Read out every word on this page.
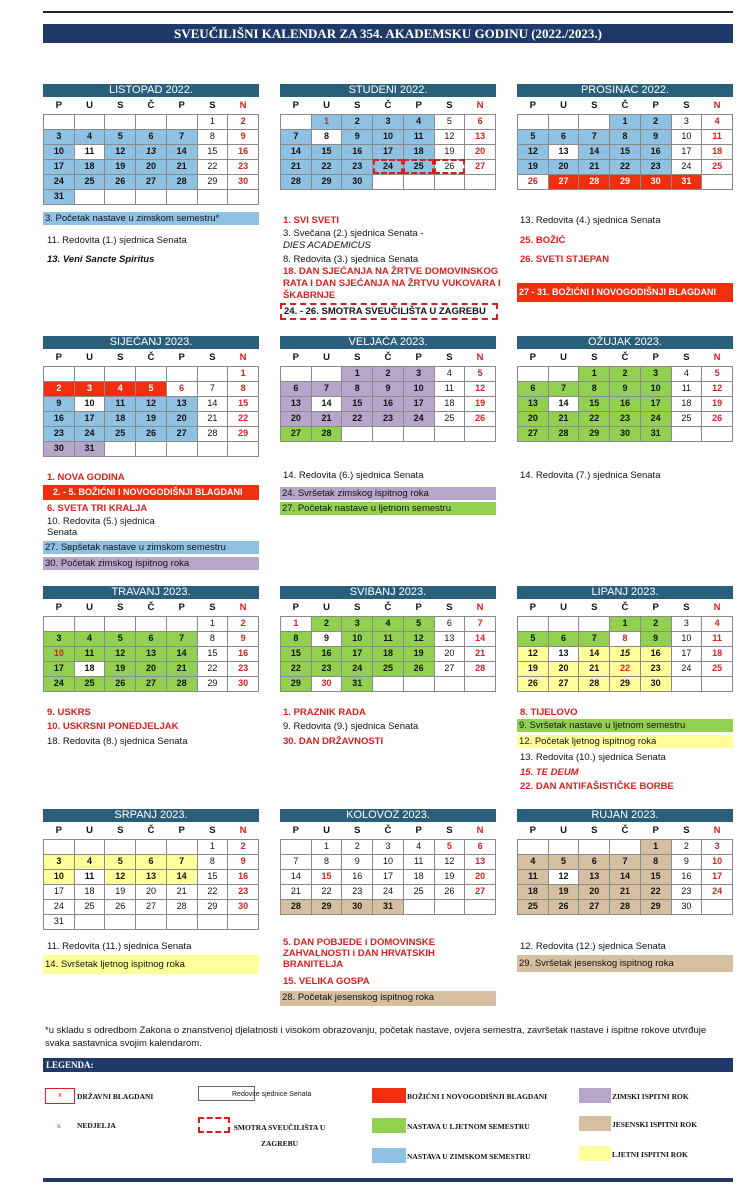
SVEUČILIŠNI KALENDAR ZA 354. AKADEMSKU GODINU (2022./2023.)
LISTOPAD 2022.
P	U	S	Č	P	S	N
					1	2
3	4	5	6	7	8	9
10	11	12	13	14	15	16
17	18	19	20	21	22	23
24	25	26	27	28	29	30
31						
STUDENI 2022.
P	U	S	Č	P	S	N
	1	2	3	4	5	6
7	8	9	10	11	12	13
14	15	16	17	18	19	20
21	22	23	24	25	26	27
28	29	30				
PROSINAC 2022.
P	U	S	Č	P	S	N
			1	2	3	4
5	6	7	8	9	10	11
12	13	14	15	16	17	18
19	20	21	22	23	24	25
26	27	28	29	30	31	
SIJEČANJ 2023.
P	U	S	Č	P	S	N
						1
2	3	4	5	6	7	8
9	10	11	12	13	14	15
16	17	18	19	20	21	22
23	24	25	26	27	28	29
30	31					
VELJAČA 2023.
P	U	S	Č	P	S	N
		1	2	3	4	5
6	7	8	9	10	11	12
13	14	15	16	17	18	19
20	21	22	23	24	25	26
27	28					
OŽUJAK 2023.
P	U	S	Č	P	S	N
		1	2	3	4	5
6	7	8	9	10	11	12
13	14	15	16	17	18	19
20	21	22	23	24	25	26
27	28	29	30	31		
TRAVANJ 2023.
P	U	S	Č	P	S	N
					1	2
3	4	5	6	7	8	9
10	11	12	13	14	15	16
17	18	19	20	21	22	23
24	25	26	27	28	29	30
SVIBANJ 2023.
P	U	S	Č	P	S	N
1	2	3	4	5	6	7
8	9	10	11	12	13	14
15	16	17	18	19	20	21
22	23	24	25	26	27	28
29	30	31				
LIPANJ 2023.
P	U	S	Č	P	S	N
			1	2	3	4
5	6	7	8	9	10	11
12	13	14	15	16	17	18
19	20	21	22	23	24	25
26	27	28	29	30		
SRPANJ 2023.
P	U	S	Č	P	S	N
					1	2
3	4	5	6	7	8	9
10	11	12	13	14	15	16
17	18	19	20	21	22	23
24	25	26	27	28	29	30
31						
KOLOVOZ 2023.
P	U	S	Č	P	S	N
	1	2	3	4	5	6
7	8	9	10	11	12	13
14	15	16	17	18	19	20
21	22	23	24	25	26	27
28	29	30	31			
RUJAN 2023.
P	U	S	Č	P	S	N
				1	2	3
4	5	6	7	8	9	10
11	12	13	14	15	16	17
18	19	20	21	22	23	24
25	26	27	28	29	30	
3. Početak nastave u zimskom semestru*
11. Redovita (1.) sjednica Senata
13. Veni Sancte Spiritus
1. SVI SVETI
3. Svečana (2.) sjednica Senata -
DIES ACADEMICUS
8. Redovita (3.) sjednica Senata
18. DAN SJEĆANJA NA ŽRTVE DOMOVINSKOG RATA I DAN SJEĆANJA NA ŽRTVU VUKOVARA I ŠKABRNJE
24. - 26. SMOTRA SVEUČILIŠTA U ZAGREBU
13. Redovita (4.) sjednica Senata
25. BOŽIĆ
26. SVETI STJEPAN
27 - 31. BOŽIĆNI I NOVOGODIŠNJI BLAGDANI
1. NOVA GODINA
2. - 5. BOŽIĆNI I NOVOGODIŠNJI BLAGDANI
6. SVETA TRI KRALJA
10. Redovita (5.) sjednica Senata
27. Sврšetak nastave u zimskom semestru
30. Početak zimskog ispitnog roka
14. Redovita (6.) sjednica Senata
24. Svršetak zimskog ispitnog roka
27. Početak nastave u ljetnom semestru
14. Redovita (7.) sjednica Senata
9. USKRS
10. USKRSNI PONEDJELJAK
18. Redovita (8.) sjednica Senata
1. PRAZNIK RADA
9. Redovita (9.) sjednica Senata
30. DAN DRŽAVNOSTI
8. TIJELOVO
9. Svršetak nastave u ljetnom semestru
12. Početak ljetnog ispitnog roka
13. Redovita (10.) sjednica Senata
15. TE DEUM
22. DAN ANTIFAŠISTIČKE BORBE
11. Redovita (11.) sjednica Senata
14. Svršetak ljetnog ispitnog roka
5. DAN POBJEDE i DOMOVINSKE ZAHVALNOSTI i DAN HRVATSKIH BRANITELJA
15. VELIKA GOSPA
28. Početak jesenskog ispitnog roka
12. Redovita (12.) sjednica Senata
29. Svršetak jesenskog ispitnog roka
*u skladu s odredbom Zakona o znanstvenoj djelatnosti i visokom obrazovanju, početak nastave, ovjera semestra, završetak nastave i ispitne rokove utvrđuje svaka sastavnica svojim kalendarom.
LEGENDA:
x	DRŽAVNI BLAGDANI
x NEDJELJA
Redovite sjednice Senata
SMOTRA SVEUČILIŠTA U ZAGREBU
BOŽIĆNI I NOVOGODIŠNJI BLAGDANI
NASTAVA U LJETNOM SEMESTRU
NASTAVA U ZIMSKOM SEMESTRU
ZIMSKI ISPITNI ROK
JESENSKI ISPITNI ROK
LJETNI ISPITNI ROK
